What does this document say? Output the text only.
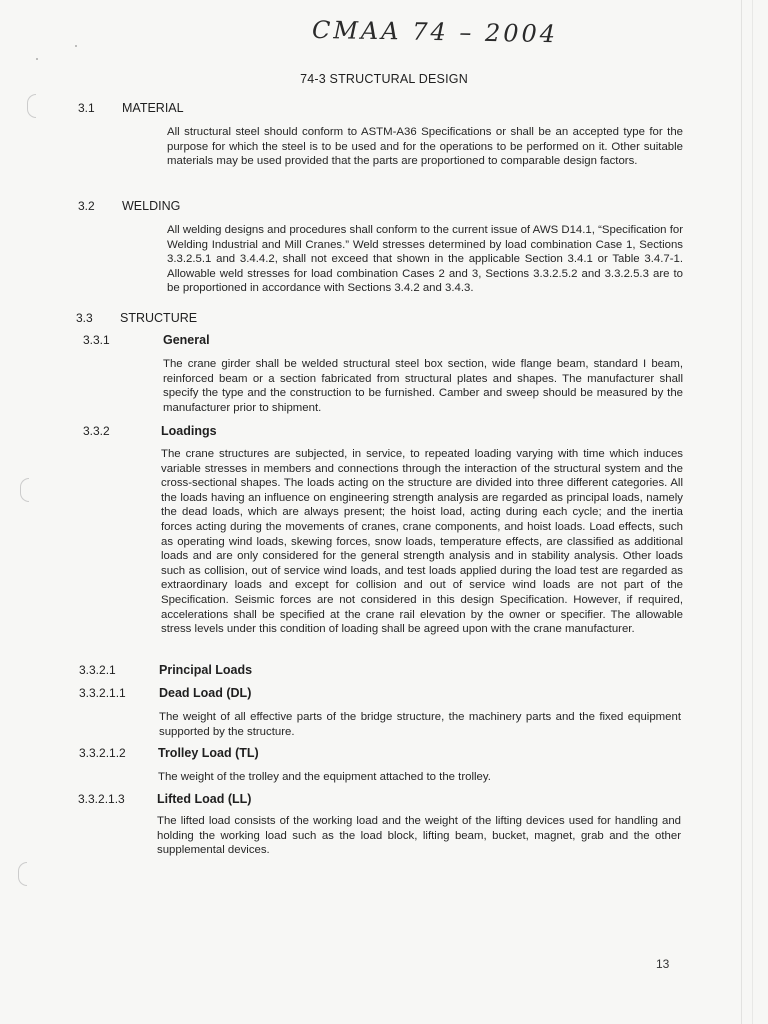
CMAA 74 – 2004
74-3 STRUCTURAL DESIGN
3.1 MATERIAL
All structural steel should conform to ASTM-A36 Specifications or shall be an accepted type for the purpose for which the steel is to be used and for the operations to be performed on it. Other suitable materials may be used provided that the parts are proportioned to comparable design factors.
3.2 WELDING
All welding designs and procedures shall conform to the current issue of AWS D14.1, “Specification for Welding Industrial and Mill Cranes.” Weld stresses determined by load combination Case 1, Sections 3.3.2.5.1 and 3.4.4.2, shall not exceed that shown in the applicable Section 3.4.1 or Table 3.4.7-1. Allowable weld stresses for load combination Cases 2 and 3, Sections 3.3.2.5.2 and 3.3.2.5.3 are to be proportioned in accordance with Sections 3.4.2 and 3.4.3.
3.3 STRUCTURE
3.3.1	General
The crane girder shall be welded structural steel box section, wide flange beam, standard I beam, reinforced beam or a section fabricated from structural plates and shapes. The manufacturer shall specify the type and the construction to be furnished. Camber and sweep should be measured by the manufacturer prior to shipment.
3.3.2	Loadings
The crane structures are subjected, in service, to repeated loading varying with time which induces variable stresses in members and connections through the interaction of the structural system and the cross-sectional shapes. The loads acting on the structure are divided into three different categories. All the loads having an influence on engineering strength analysis are regarded as principal loads, namely the dead loads, which are always present; the hoist load, acting during each cycle; and the inertia forces acting during the movements of cranes, crane components, and hoist loads. Load effects, such as operating wind loads, skewing forces, snow loads, temperature effects, are classified as additional loads and are only considered for the general strength analysis and in stability analysis. Other loads such as collision, out of service wind loads, and test loads applied during the load test are regarded as extraordinary loads and except for collision and out of service wind loads are not part of the Specification. Seismic forces are not considered in this design Specification. However, if required, accelerations shall be specified at the crane rail elevation by the owner or specifier. The allowable stress levels under this condition of loading shall be agreed upon with the crane manufacturer.
3.3.2.1	Principal Loads
3.3.2.1.1	Dead Load (DL)
The weight of all effective parts of the bridge structure, the machinery parts and the fixed equipment supported by the structure.
3.3.2.1.2	Trolley Load (TL)
The weight of the trolley and the equipment attached to the trolley.
3.3.2.1.3	Lifted Load (LL)
The lifted load consists of the working load and the weight of the lifting devices used for handling and holding the working load such as the load block, lifting beam, bucket, magnet, grab and the other supplemental devices.
13
